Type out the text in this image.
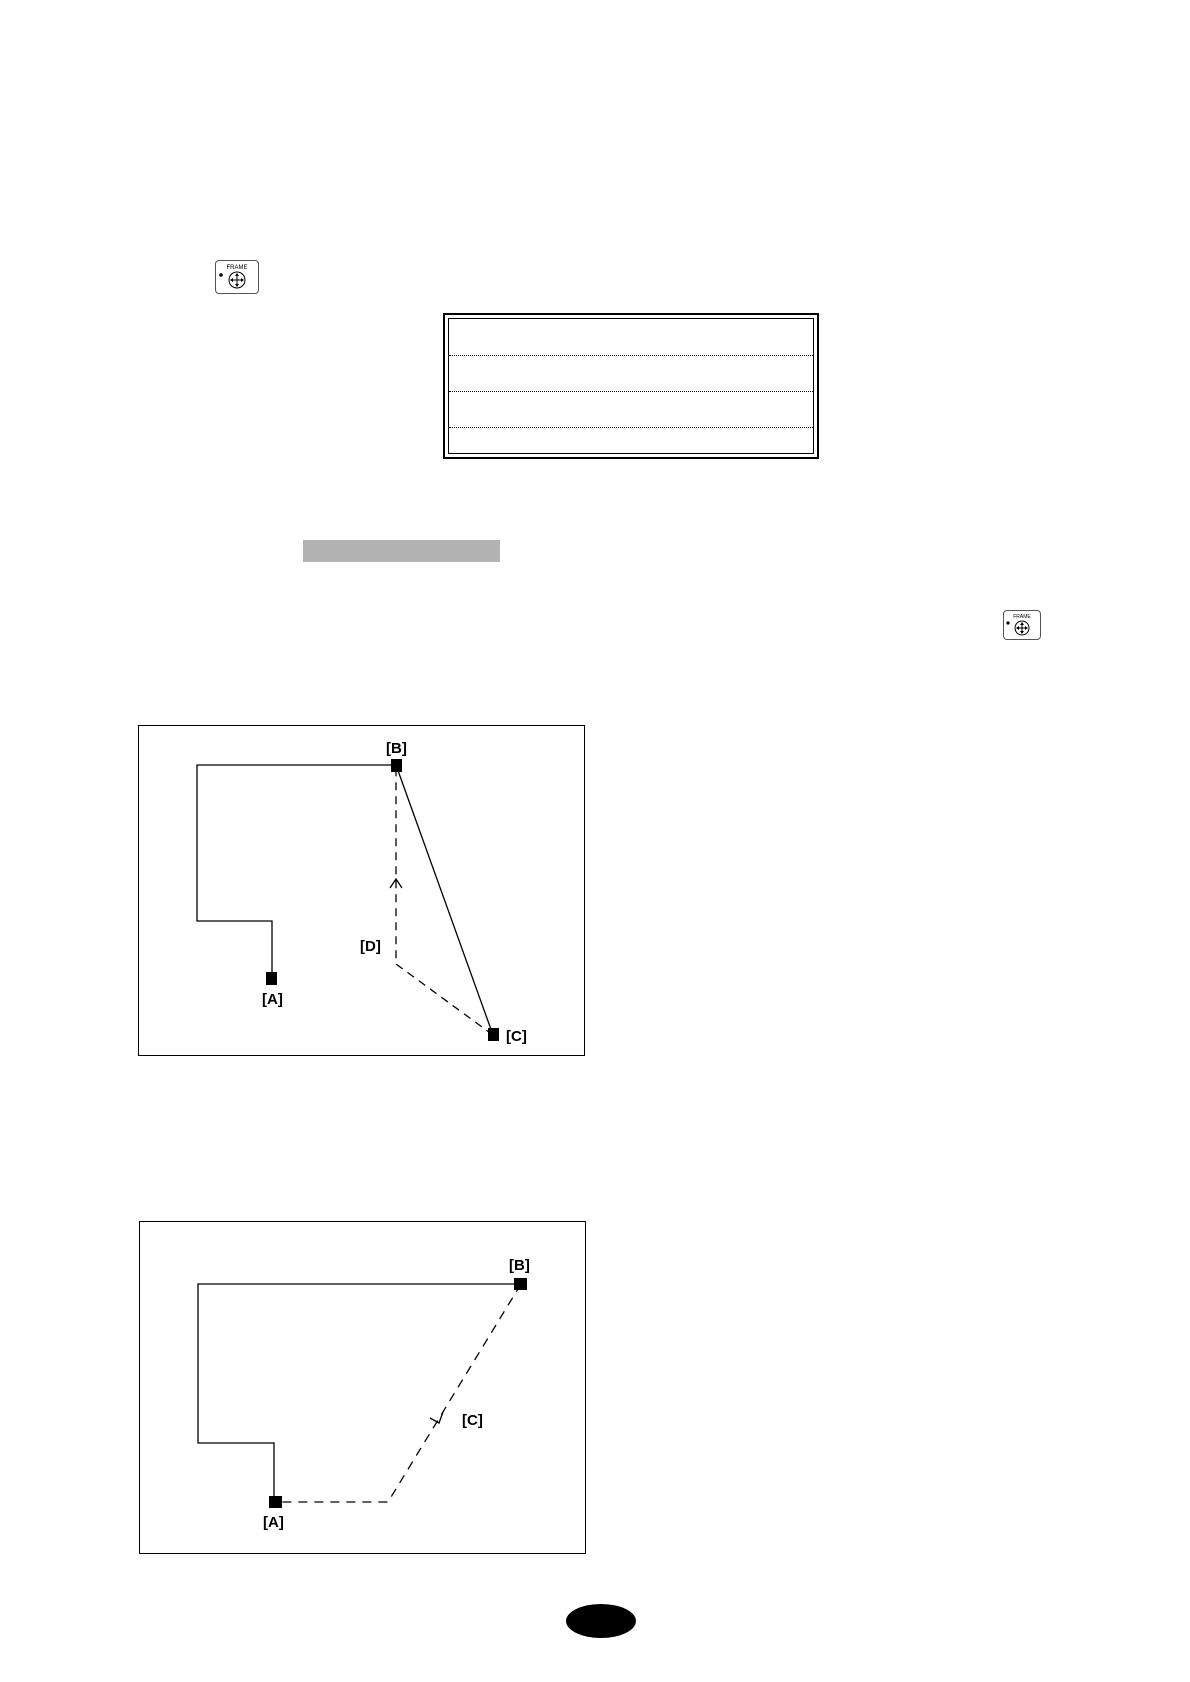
FRAME
FRAME
[A]
[B]
[C]
[D]
[A]
[B]
[C]
